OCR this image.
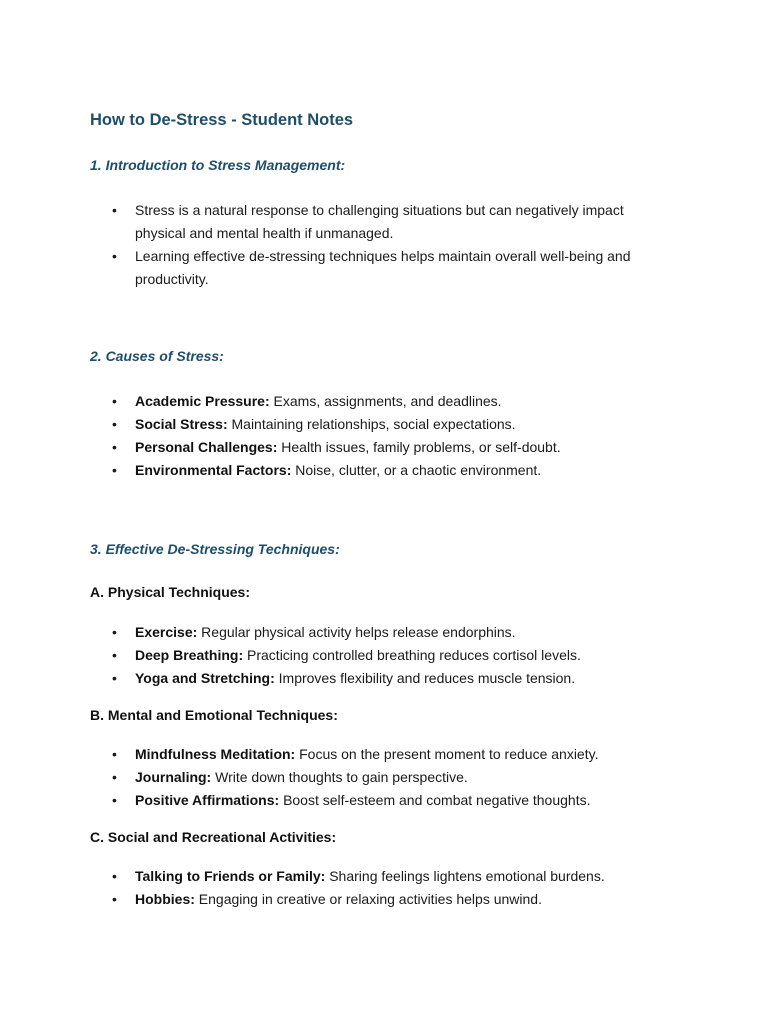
How to De-Stress - Student Notes
1. Introduction to Stress Management:
• Stress is a natural response to challenging situations but can negatively impact physical and mental health if unmanaged.
• Learning effective de-stressing techniques helps maintain overall well-being and productivity.
2. Causes of Stress:
• Academic Pressure: Exams, assignments, and deadlines.
• Social Stress: Maintaining relationships, social expectations.
• Personal Challenges: Health issues, family problems, or self-doubt.
• Environmental Factors: Noise, clutter, or a chaotic environment.
3. Effective De-Stressing Techniques:
A. Physical Techniques:
• Exercise: Regular physical activity helps release endorphins.
• Deep Breathing: Practicing controlled breathing reduces cortisol levels.
• Yoga and Stretching: Improves flexibility and reduces muscle tension.
B. Mental and Emotional Techniques:
• Mindfulness Meditation: Focus on the present moment to reduce anxiety.
• Journaling: Write down thoughts to gain perspective.
• Positive Affirmations: Boost self-esteem and combat negative thoughts.
C. Social and Recreational Activities:
• Talking to Friends or Family: Sharing feelings lightens emotional burdens.
• Hobbies: Engaging in creative or relaxing activities helps unwind.
